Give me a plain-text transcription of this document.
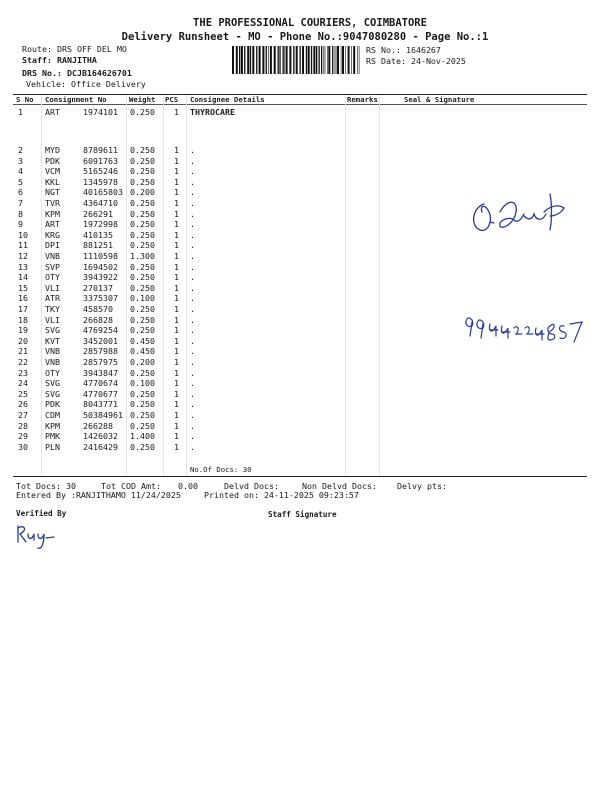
THE PROFESSIONAL COURIERS, COIMBATORE
Delivery Runsheet - MO - Phone No.:9047080280 - Page No.:1
Route: DRS OFF DEL MO
Staff: RANJITHA
DRS No.: DCJB164626701
Vehicle: Office Delivery
RS No.: 1646267
RS Date: 24-Nov-2025
S No Consignment No	Weight PCS Consignee Details	Remarks	Seal & Signature
1	ART	1974101 0.250 1 THYROCARE
2	MYD	8789611 0.250 1 .
3	PDK	6091763 0.250 1 .
4	VCM	5165246 0.250 1 .
5	KKL	1345978 0.250 1 .
6	NGT	40165803 0.200 1 .
7	TVR	4364710 0.250 1 .
8	KPM	266291 0.250 1 .
9	ART	1972998 0.250 1 .
10 KRG	410135 0.250 1 .
11 DPI	881251 0.250 1 .
12 VNB	1110598 1.300 1 .
13 SVP	1694502 0.250 1 .
14 OTY	3943922 0.250 1 .
15 VLI	270137 0.250 1 .
16 ATR	3375307 0.100 1 .
17 TKY	458570 0.250 1 .
18 VLI	266828 0.250 1 .
19 SVG	4769254 0.250 1 .
20 KVT	3452001 0.450 1 .
21 VNB	2857988 0.450 1 .
22 VNB	2857975 0.200 1 .
23 OTY	3943847 0.250 1 .
24 SVG	4770674 0.100 1 .
25 SVG	4770677 0.250 1 .
26 PDK	8043771 0.250 1 .
27 CDM	50384961 0.250 1 .
28 KPM	266288 0.250 1 .
29 PMK	1426032 1.400 1 .
30 PLN	2416429 0.250 1 .
No.Of Docs: 30
Tot Docs: 30	Tot COD Amt: 0.00	Delvd Docs:	Non Delvd Docs: Delvy pts:
Entered By :RANJITHAMO 11/24/2025	Printed on: 24-11-2025 09:23:57
Verified By	Staff Signature
